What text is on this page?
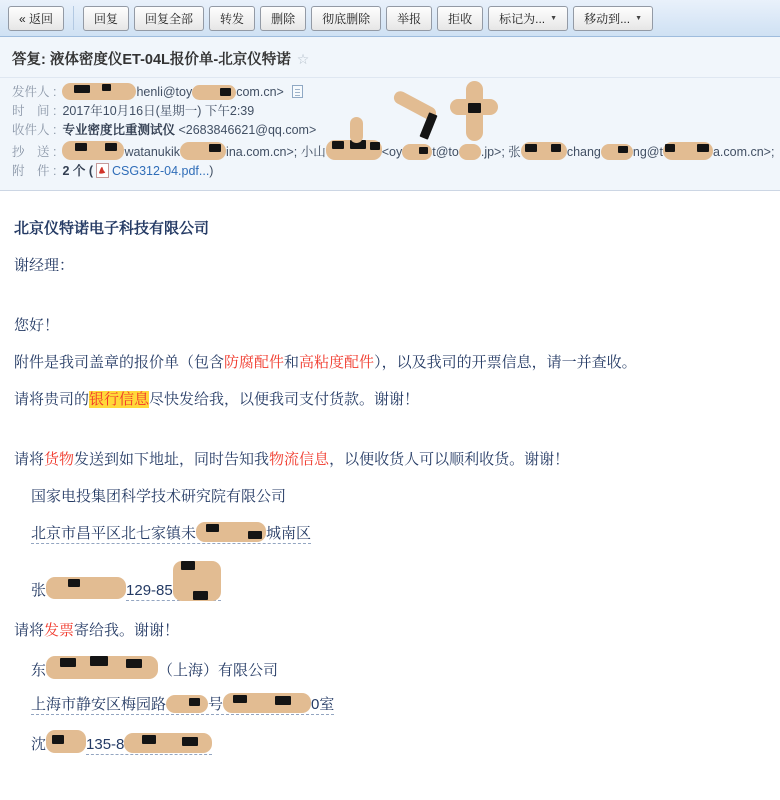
« 返回	回复	回复全部	转发	删除	彻底删除	举报	拒收	标记为... ▼ 移动到... ▼
答复: 液体密度仪ET-04L报价单-北京仪特诺 ☆
发件人 :	henli@toy	com.cn>
时　间 : 2017年10月16日(星期一) 下午2:39
收件人 : 专业密度比重测试仪 <2683846621@qq.com>
抄　送 :	watanukik	ina.com.cn>; 小山	<oy t@to .jp>; 张	chang	ng@t	a.com.cn>;
附　件 : 2 个 ( CSG312-04.pdf...)
北京仪特诺电子科技有限公司
谢经理：
您好！
附件是我司盖章的报价单（包含防腐配件和高粘度配件），以及我司的开票信息，请一并查收。
请将贵司的银行信息尽快发给我，以便我司支付货款。谢谢！
请将货物发送到如下地址，同时告知我物流信息，以便收货人可以顺利收货。谢谢！
国家电投集团科学技术研究院有限公司
北京市昌平区北七家镇未	城南区
张	129-85
请将发票寄给我。谢谢！
东	（上海）有限公司
上海市静安区梅园路	号	0室
沈	135-8
